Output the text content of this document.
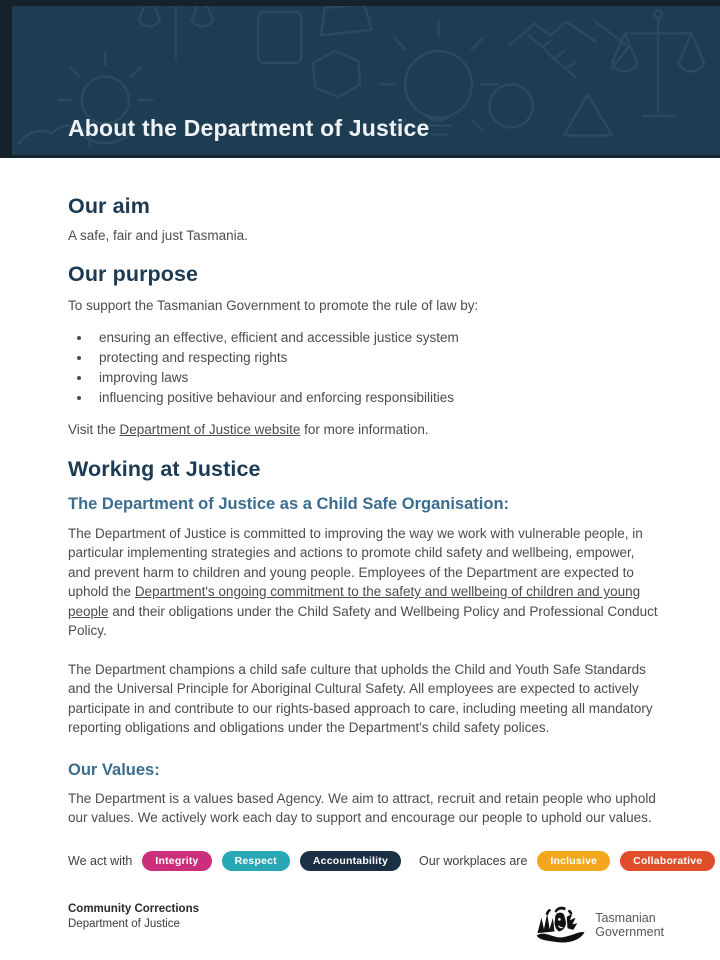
About the Department of Justice
Our aim

A safe, fair and just Tasmania.

Our purpose

To support the Tasmanian Government to promote the rule of law by:

• ensuring an effective, efficient and accessible justice system
• protecting and respecting rights
• improving laws
• influencing positive behaviour and enforcing responsibilities

Visit the Department of Justice website for more information.

Working at Justice
The Department of Justice as a Child Safe Organisation:

The Department of Justice is committed to improving the way we work with vulnerable people, in particular implementing strategies and actions to promote child safety and wellbeing, empower, and prevent harm to children and young people. Employees of the Department are expected to uphold the Department's ongoing commitment to the safety and wellbeing of children and young people and their obligations under the Child Safety and Wellbeing Policy and Professional Conduct Policy.

The Department champions a child safe culture that upholds the Child and Youth Safe Standards and the Universal Principle for Aboriginal Cultural Safety. All employees are expected to actively participate in and contribute to our rights-based approach to care, including meeting all mandatory reporting obligations and obligations under the Department's child safety polices.

Our Values:

The Department is a values based Agency. We aim to attract, recruit and retain people who uphold our values. We actively work each day to support and encourage our people to uphold our values.

We act with	Integrity	Respect	Accountability	Our workplaces are	Inclusive	Collaborative

Community Corrections

Department of Justice	Tasmanian
Government
